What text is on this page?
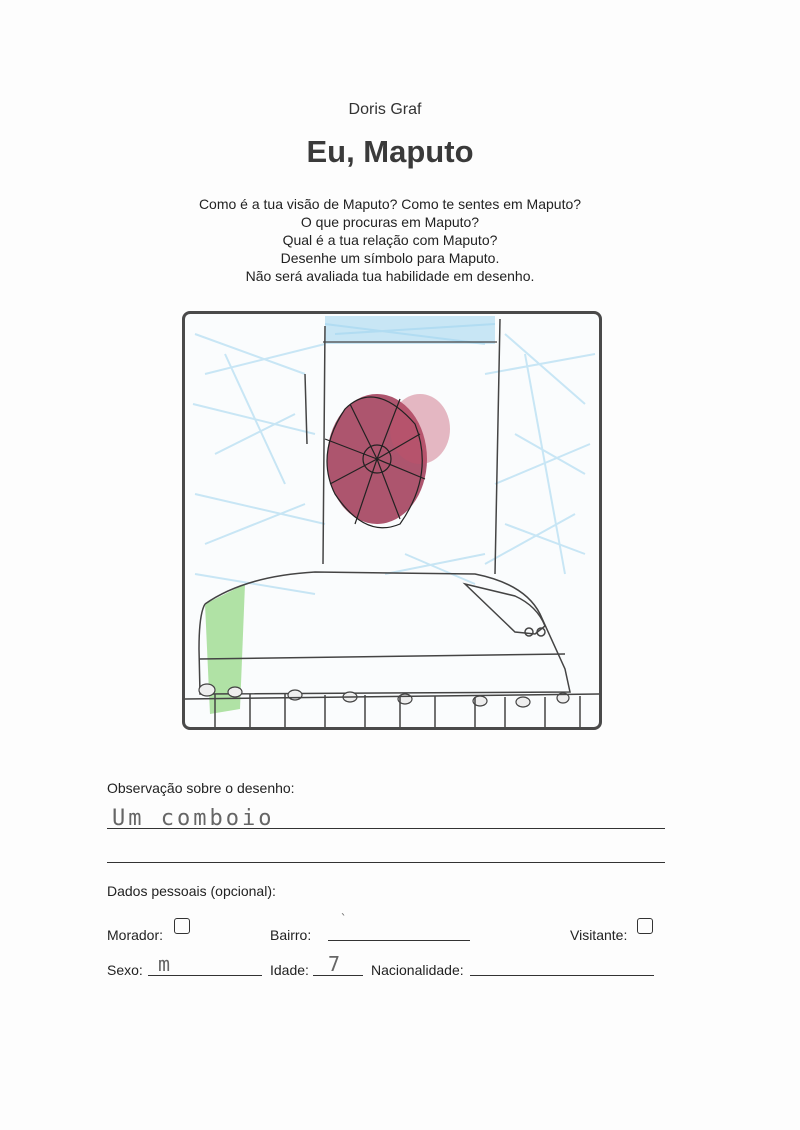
Doris Graf
Eu, Maputo
Como é a tua visão de Maputo? Como te sentes em Maputo?
O que procuras em Maputo?
Qual é a tua relação com Maputo?
Desenhe um símbolo para Maputo.
Não será avaliada tua habilidade em desenho.
Observação sobre o desenho:
Um comboio
Dados pessoais (opcional):
Morador:	Bairro:
`
Visitante:
Sexo: m	Idade: 7 Nacionalidade:
